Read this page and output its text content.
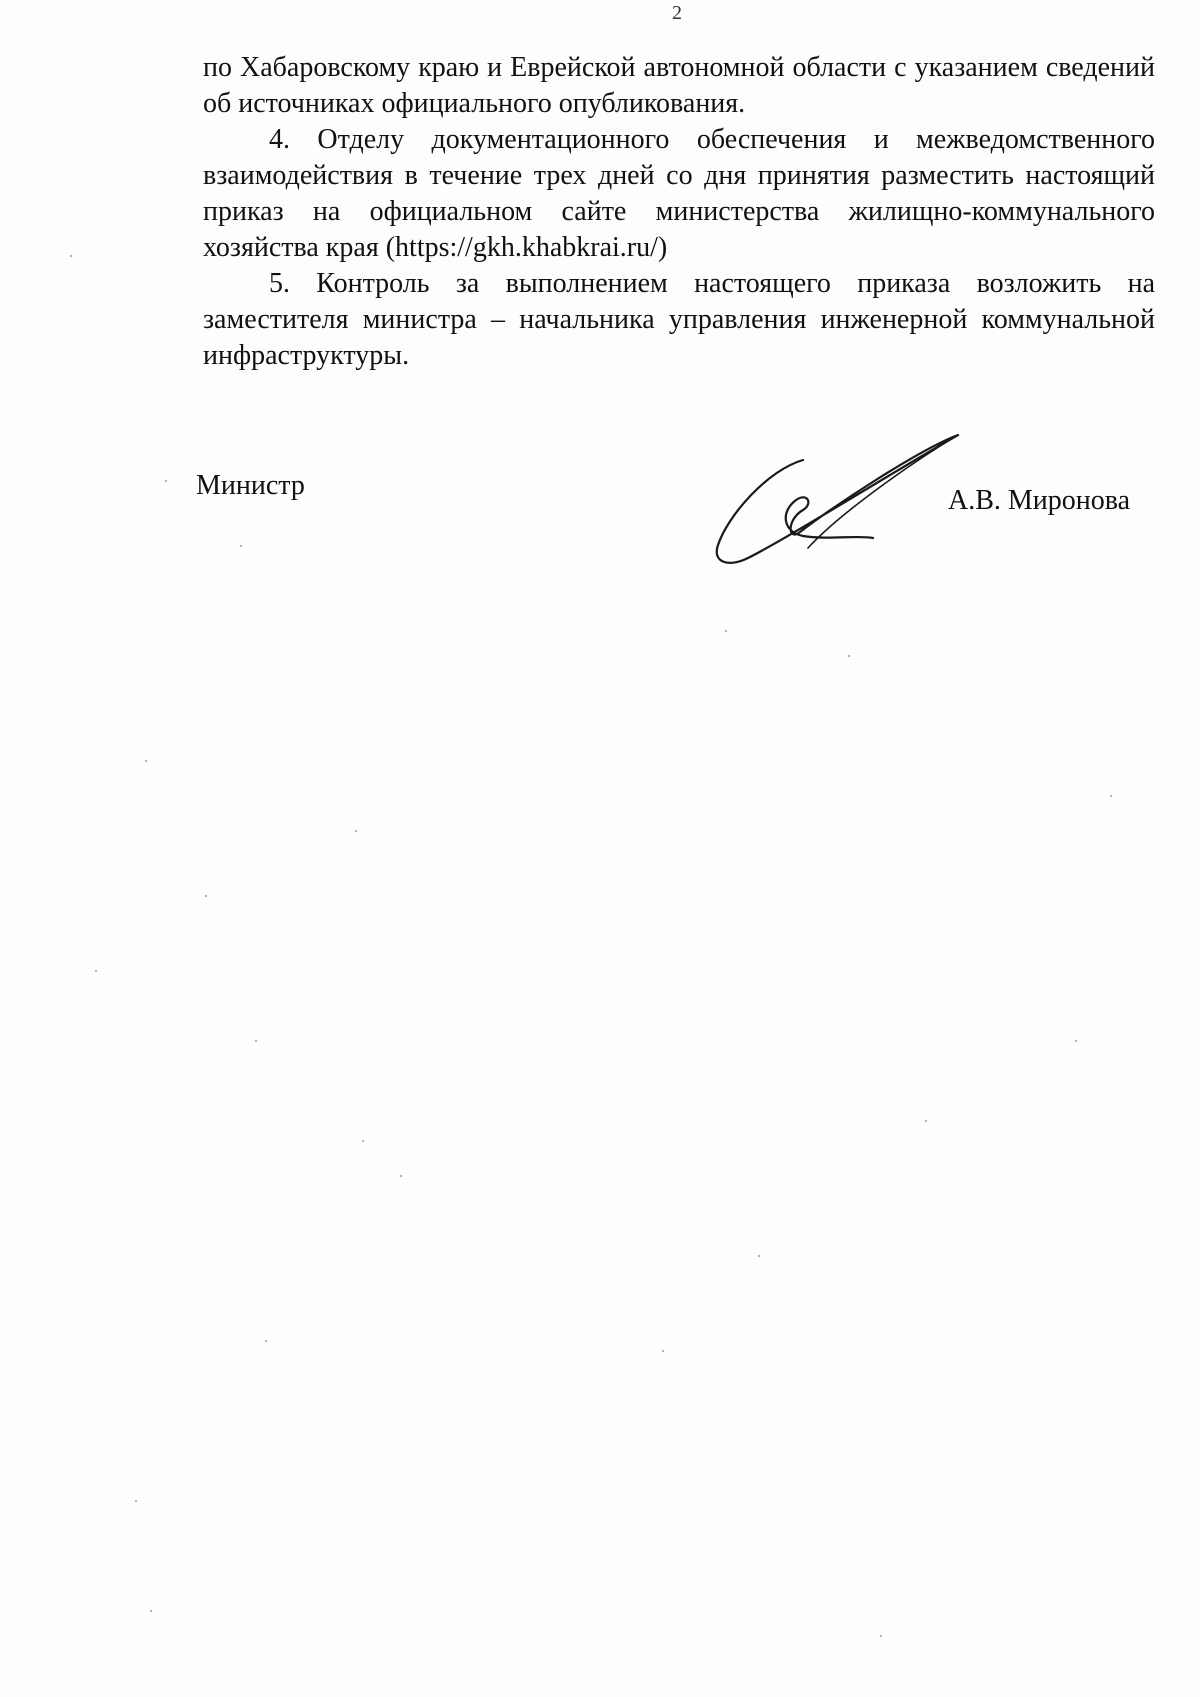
2

по Хабаровскому краю и Еврейской автономной области с указанием сведений об источниках официального опубликования.

4. Отделу документационного обеспечения и межведомственного взаимодействия в течение трех дней со дня принятия разместить настоящий приказ на официальном сайте министерства жилищно-коммунального хозяйства края (https://gkh.khabkrai.ru/)

5. Контроль за выполнением настоящего приказа возложить на заместителя министра – начальника управления инженерной коммунальной инфраструктуры.

Министр	А.В. Миронова
